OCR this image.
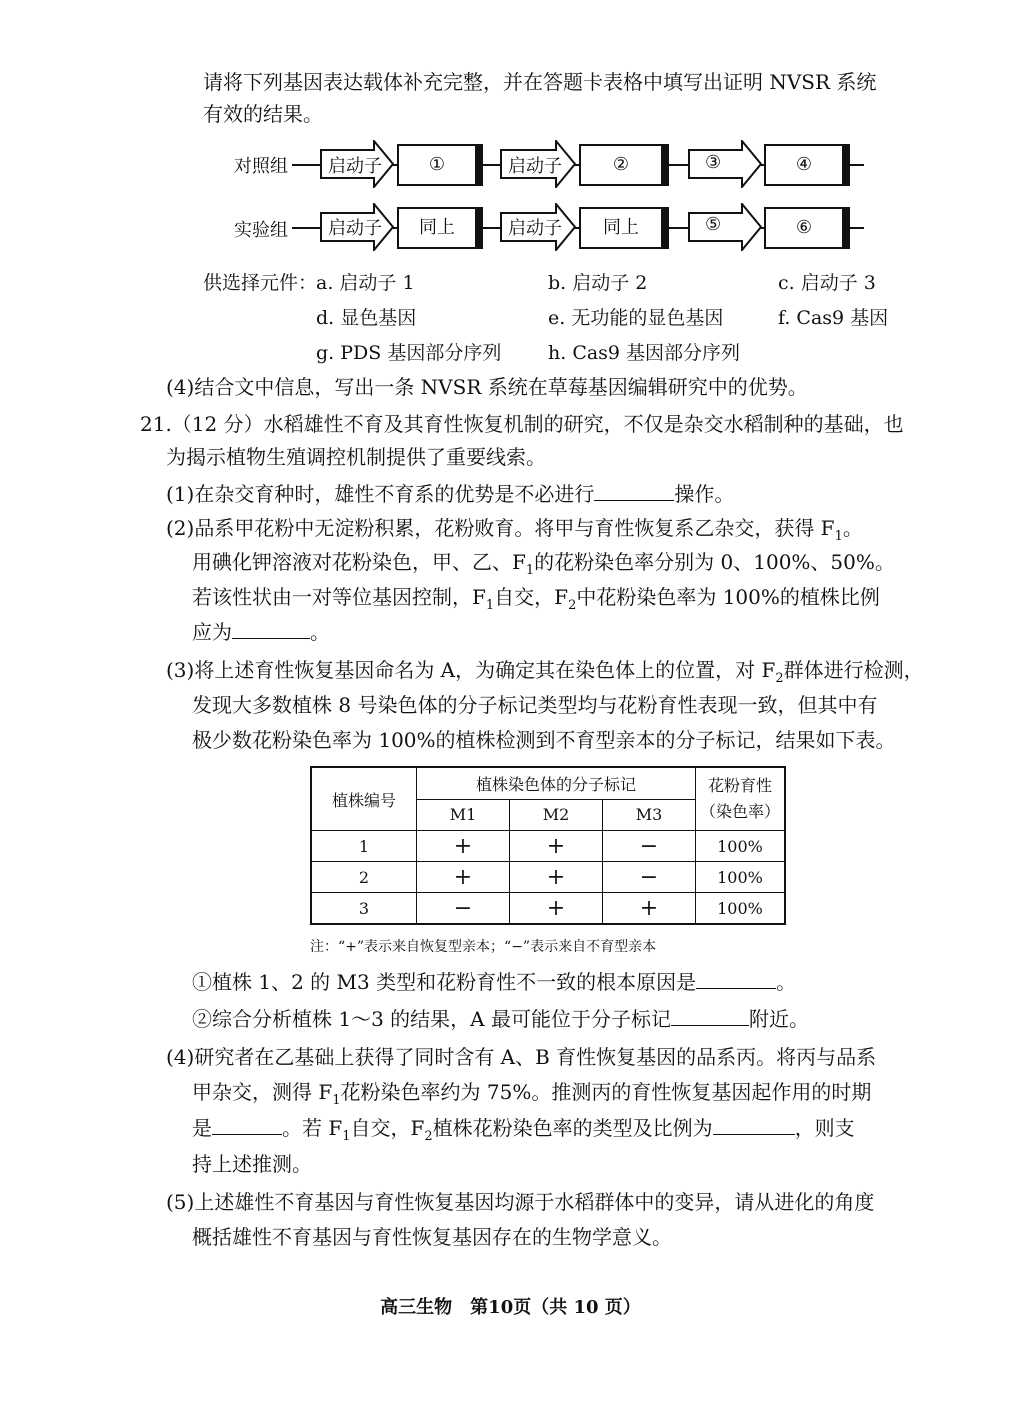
请将下列基因表达载体补充完整，并在答题卡表格中填写出证明 NVSR 系统
有效的结果。
对照组 启动子	①	启动子	②	③	④
实验组 启动子	同上	启动子	同上	⑤	⑥
供选择元件：
a. 启动子 1	b. 启动子 2	c. 启动子 3
d. 显色基因	e. 无功能的显色基因	f. Cas9 基因
g. PDS 基因部分序列 h. Cas9 基因部分序列
(4)结合文中信息，写出一条 NVSR 系统在草莓基因编辑研究中的优势。
21.（12 分）水稻雄性不育及其育性恢复机制的研究，不仅是杂交水稻制种的基础，也
为揭示植物生殖调控机制提供了重要线索。
(1)在杂交育种时，雄性不育系的优势是不必进行	操作。
(2)品系甲花粉中无淀粉积累，花粉败育。将甲与育性恢复系乙杂交，获得 $F_1$。
用碘化钾溶液对花粉染色，甲、乙、$F_1$的花粉染色率分别为 0、100%、50%。
若该性状由一对等位基因控制，$F_1$自交，$F_2$中花粉染色率为 100%的植株比例
应为	。
(3)将上述育性恢复基因命名为 A，为确定其在染色体上的位置，对 $F_2$群体进行检测，
发现大多数植株 8 号染色体的分子标记类型均与花粉育性表现一致，但其中有
极少数花粉染色率为 100%的植株检测到不育型亲本的分子标记，结果如下表。
植株编号	植株染色体的分子标记			花粉育性
（染色率）

	M1	M2	M3	
1	+	+	−	100%
2	+	+	−	100%
3	−	+	+	100%
注：“+”表示来自恢复型亲本；“−”表示来自不育型亲本
①植株 1、2 的 M3 类型和花粉育性不一致的根本原因是	。
②综合分析植株 1～3 的结果，A 最可能位于分子标记	附近。
(4)研究者在乙基础上获得了同时含有 A、B 育性恢复基因的品系丙。将丙与品系
甲杂交，测得 $F_1$花粉染色率约为 75%。推测丙的育性恢复基因起作用的时期
是	。若 $F_1$自交，$F_2$植株花粉染色率的类型及比例为	，则支
持上述推测。
(5)上述雄性不育基因与育性恢复基因均源于水稻群体中的变异，请从进化的角度
概括雄性不育基因与育性恢复基因存在的生物学意义。
高三生物　第10页（共 10 页）
